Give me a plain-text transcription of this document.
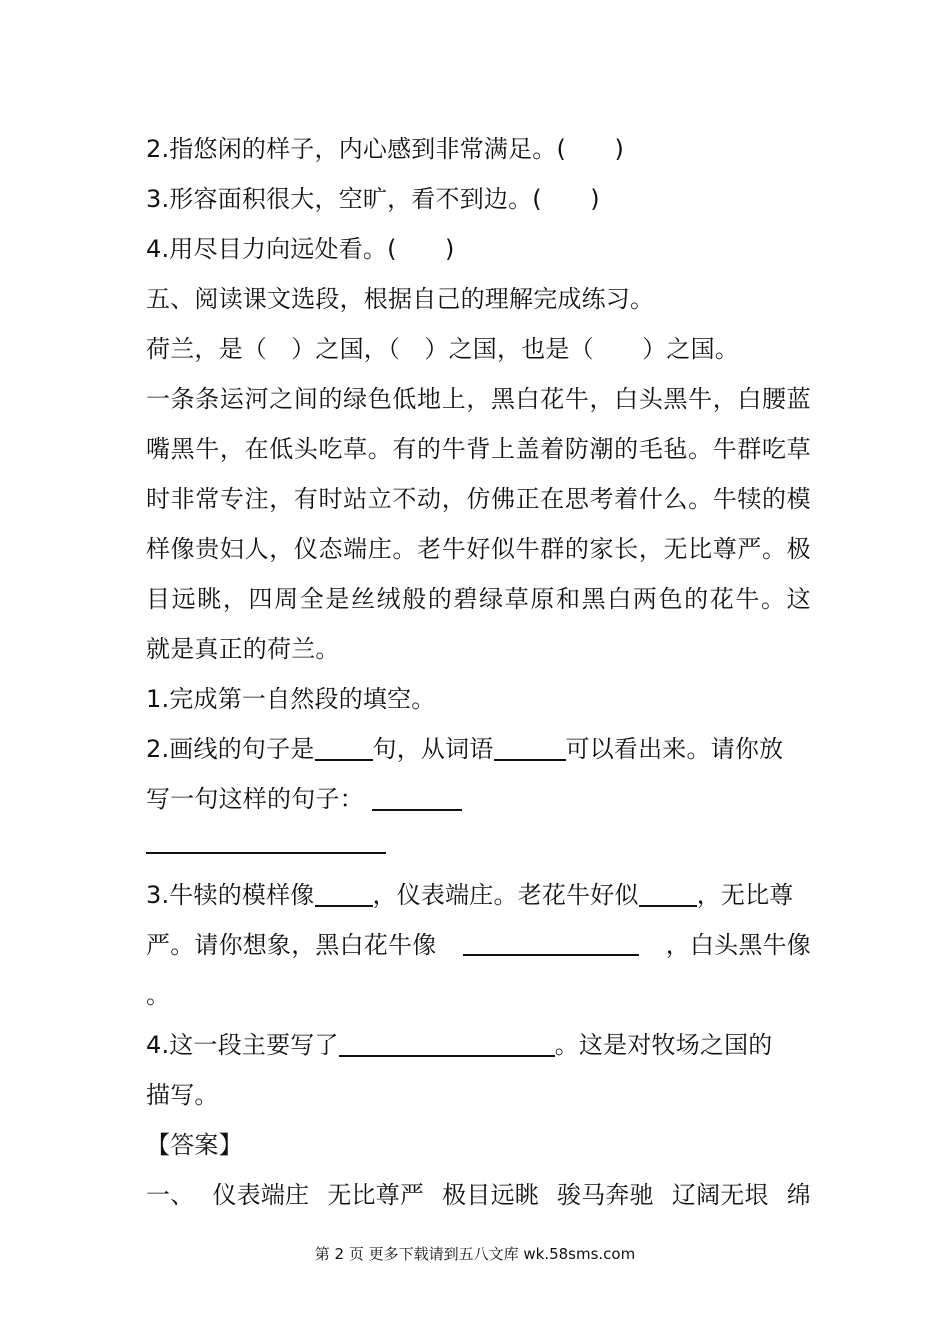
2.指悠闲的样子，内心感到非常满足。(　　)
3.形容面积很大，空旷，看不到边。(　　)
4.用尽目力向远处看。(　　)
五、阅读课文选段，根据自己的理解完成练习。
荷兰，是（　）之国，（　）之国，也是（　　）之国。
一 条 条 运 河 之 间 的 绿 色 低 地 上 ， 黑 白 花 牛 ， 白 头 黑 牛 ， 白 腰 蓝
嘴 黑 牛 ， 在 低 头 吃 草 。 有 的 牛 背 上 盖 着 防 潮 的 毛 毡 。 牛 群 吃 草
时 非 常 专 注 ， 有 时 站 立 不 动 ， 仿 佛 正 在 思 考 着 什 么 。 牛 犊 的 模
样 像 贵 妇 人 ， 仪 态 端 庄 。 老 牛 好 似 牛 群 的 家 长 ， 无 比 尊 严 。 极
目 远 眺 ， 四 周 全 是 丝 绒 般 的 碧 绿 草 原 和 黑 白 两 色 的 花 牛 。 这
就是真正的荷兰。
1.完成第一自然段的填空。
2.画线的句子是 句，从词语	可以看出来。请你放
写一句这样的句子：
3.牛犊的模样像 ，仪表端庄。老花牛好似 ，无比尊
严。请你想象，黑白花牛像	，白头黑牛像
。
4.这一段主要写了	。这是对牧场之国的
描写。
【答案】
一、 仪表端庄 无比尊严 极目远眺 骏马奔驰 辽阔无垠 绵
第 2 页 更多下载请到五八文库 wk.58sms.com
